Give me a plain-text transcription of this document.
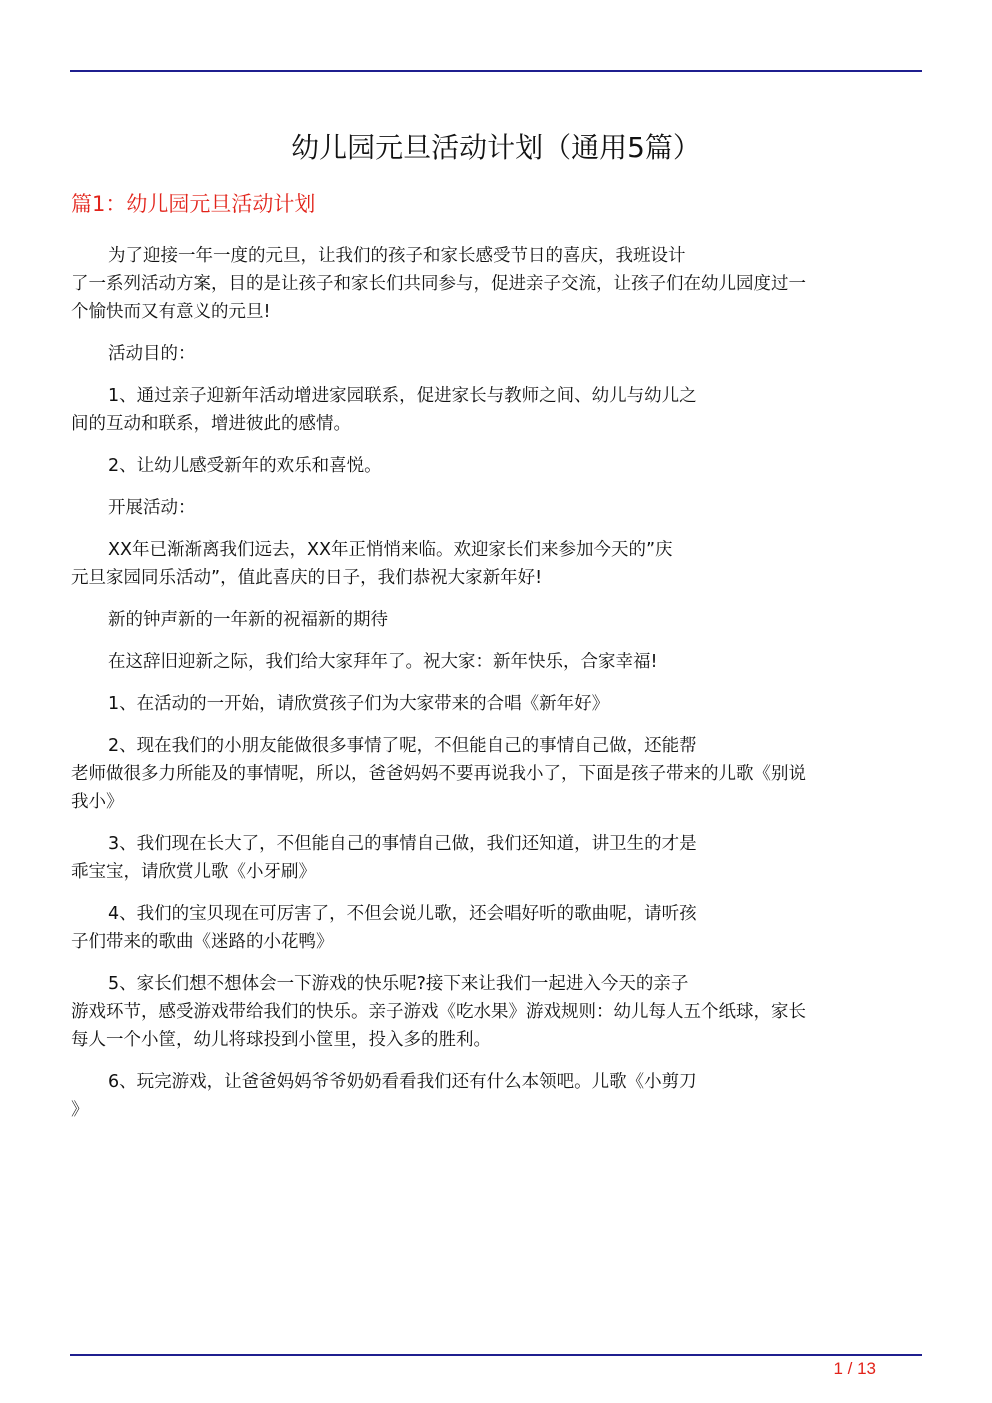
幼儿园元旦活动计划（通用5篇）
篇1：幼儿园元旦活动计划

为了迎接一年一度的元旦，让我们的孩子和家长感受节日的喜庆，我班设计
了一系列活动方案，目的是让孩子和家长们共同参与，促进亲子交流，让孩子们在幼儿园度过一
个愉快而又有意义的元旦!

活动目的：

1、通过亲子迎新年活动增进家园联系，促进家长与教师之间、幼儿与幼儿之
间的互动和联系，增进彼此的感情。

2、让幼儿感受新年的欢乐和喜悦。

开展活动：

XX年已渐渐离我们远去，XX年正悄悄来临。欢迎家长们来参加今天的”庆
元旦家园同乐活动”，值此喜庆的日子，我们恭祝大家新年好!

新的钟声新的一年新的祝福新的期待

在这辞旧迎新之际，我们给大家拜年了。祝大家：新年快乐，合家幸福!

1、在活动的一开始，请欣赏孩子们为大家带来的合唱《新年好》

2、现在我们的小朋友能做很多事情了呢，不但能自己的事情自己做，还能帮
老师做很多力所能及的事情呢，所以，爸爸妈妈不要再说我小了，下面是孩子带来的儿歌《别说
我小》

3、我们现在长大了，不但能自己的事情自己做，我们还知道，讲卫生的才是
乖宝宝，请欣赏儿歌《小牙刷》

4、我们的宝贝现在可厉害了，不但会说儿歌，还会唱好听的歌曲呢，请听孩
子们带来的歌曲《迷路的小花鸭》

5、家长们想不想体会一下游戏的快乐呢?接下来让我们一起进入今天的亲子
游戏环节，感受游戏带给我们的快乐。亲子游戏《吃水果》游戏规则：幼儿每人五个纸球，家长
每人一个小筐，幼儿将球投到小筐里，投入多的胜利。

6、玩完游戏，让爸爸妈妈爷爷奶奶看看我们还有什么本领吧。儿歌《小剪刀
》

1 / 13
